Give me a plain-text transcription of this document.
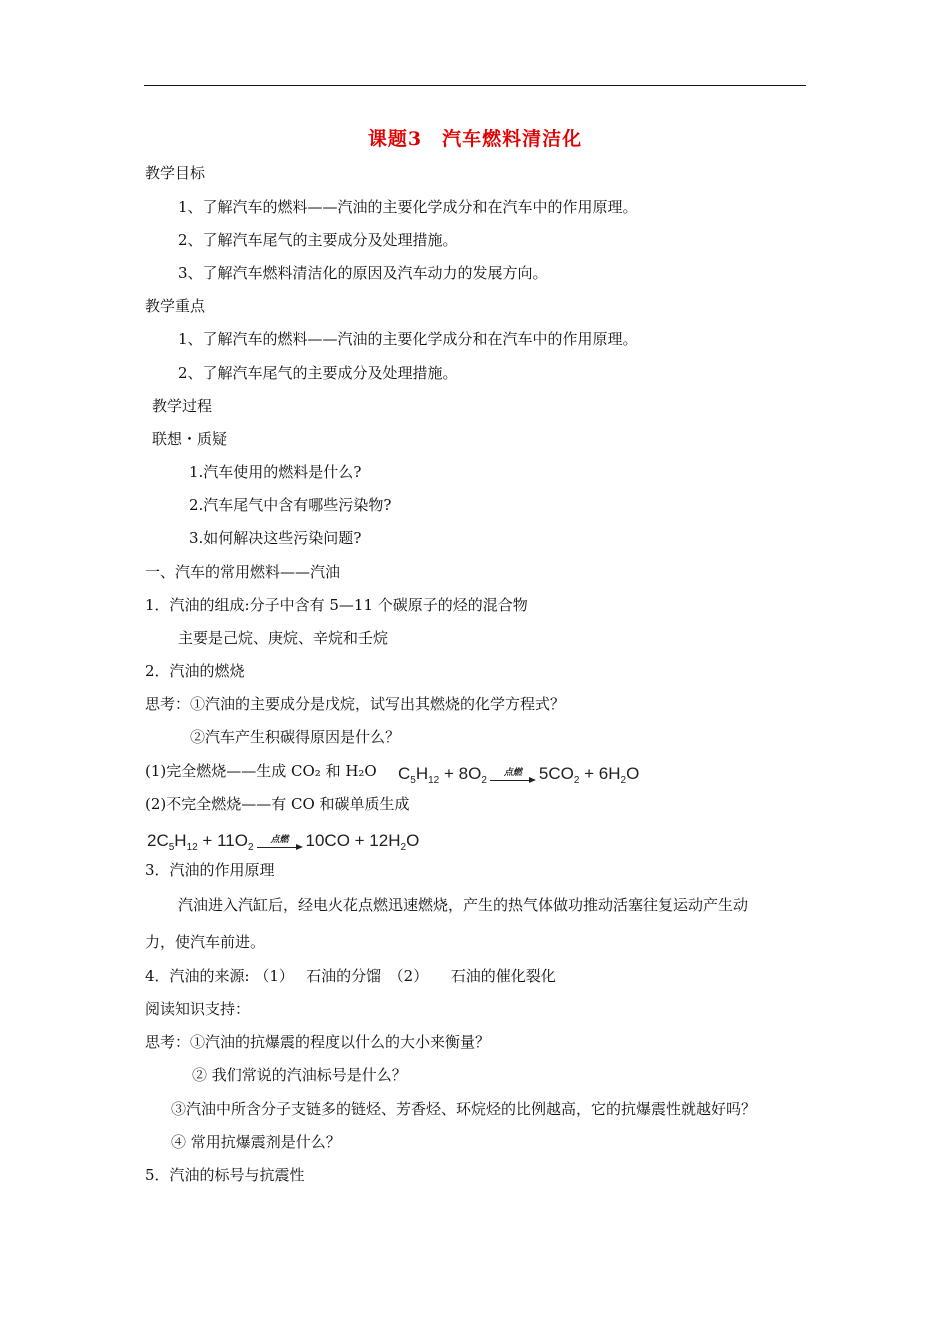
课题3　汽车燃料清洁化
教学目标
1、了解汽车的燃料——汽油的主要化学成分和在汽车中的作用原理。
2、了解汽车尾气的主要成分及处理措施。
3、了解汽车燃料清洁化的原因及汽车动力的发展方向。
教学重点
1、了解汽车的燃料——汽油的主要化学成分和在汽车中的作用原理。
2、了解汽车尾气的主要成分及处理措施。
教学过程
联想・质疑
1.汽车使用的燃料是什么?
2.汽车尾气中含有哪些污染物?
3.如何解决这些污染问题?
一、汽车的常用燃料——汽油
1．汽油的组成:分子中含有 5—11 个碳原子的烃的混合物
主要是己烷、庚烷、辛烷和壬烷
2．汽油的燃烧
思考：①汽油的主要成分是戊烷，试写出其燃烧的化学方程式？
②汽车产生积碳得原因是什么？
(1)完全燃烧——生成 CO₂ 和 H₂O $C_5H_{12} + 8O_2$
点燃 $5CO_2 + 6H_2O$
(2)不完全燃烧——有 CO 和碳单质生成
$2C_5H_{12} + 11O_2$
点燃 $10CO + 12H_2O$
3．汽油的作用原理
汽油进入汽缸后，经电火花点燃迅速燃烧，产生的热气体做功推动活塞往复运动产生动
力，使汽车前进。
4．汽油的来源: （1）　 石油的分馏　（2）　　石油的催化裂化
阅读知识支持：
思考：①汽油的抗爆震的程度以什么的大小来衡量？
② 我们常说的汽油标号是什么？
③汽油中所含分子支链多的链烃、芳香烃、环烷烃的比例越高，它的抗爆震性就越好吗？
④ 常用抗爆震剂是什么？
5．汽油的标号与抗震性
